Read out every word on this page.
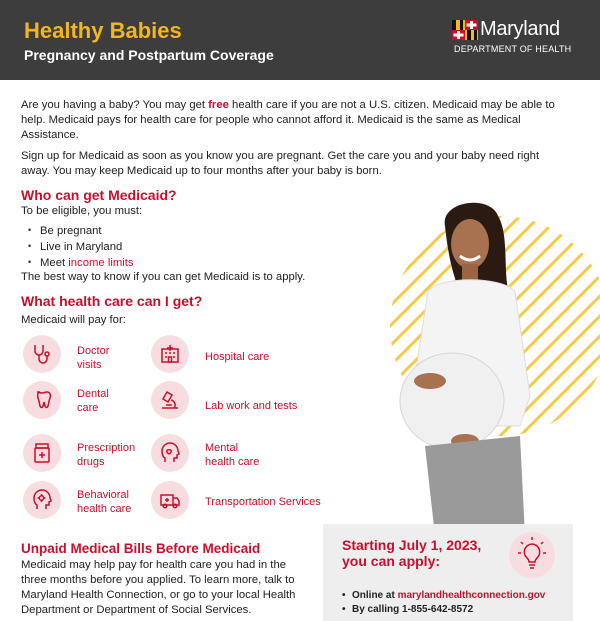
Healthy Babies
Pregnancy and Postpartum Coverage
Maryland
DEPARTMENT OF HEALTH

Are you having a baby? You may get free health care if you are not a U.S. citizen. Medicaid may be able to help. Medicaid pays for health care for people who cannot afford it. Medicaid is the same as Medical Assistance.

Sign up for Medicaid as soon as you know you are pregnant. Get the care you and your baby need right away. You may keep Medicaid up to four months after your baby is born.

Who can get Medicaid?
To be eligible, you must:
• Be pregnant
• Live in Maryland
• Meet income limits
The best way to know if you can get Medicaid is to apply.
What health care can I get?
Medicaid will pay for:
Doctor
visits
Hospital care
Dental
care	Lab work and tests
Prescription
drugs
Mental
health care
Behavioral
health care
Transportation Services
Unpaid Medical Bills Before Medicaid

Medicaid may help pay for health care you had in the three months before you applied. To learn more, talk to Maryland Health Connection, or go to your local Health Department or Department of Social Services.

Starting July 1, 2023, you can apply:
• Online at marylandhealthconnection.gov
• By calling 1-855-642-8572
